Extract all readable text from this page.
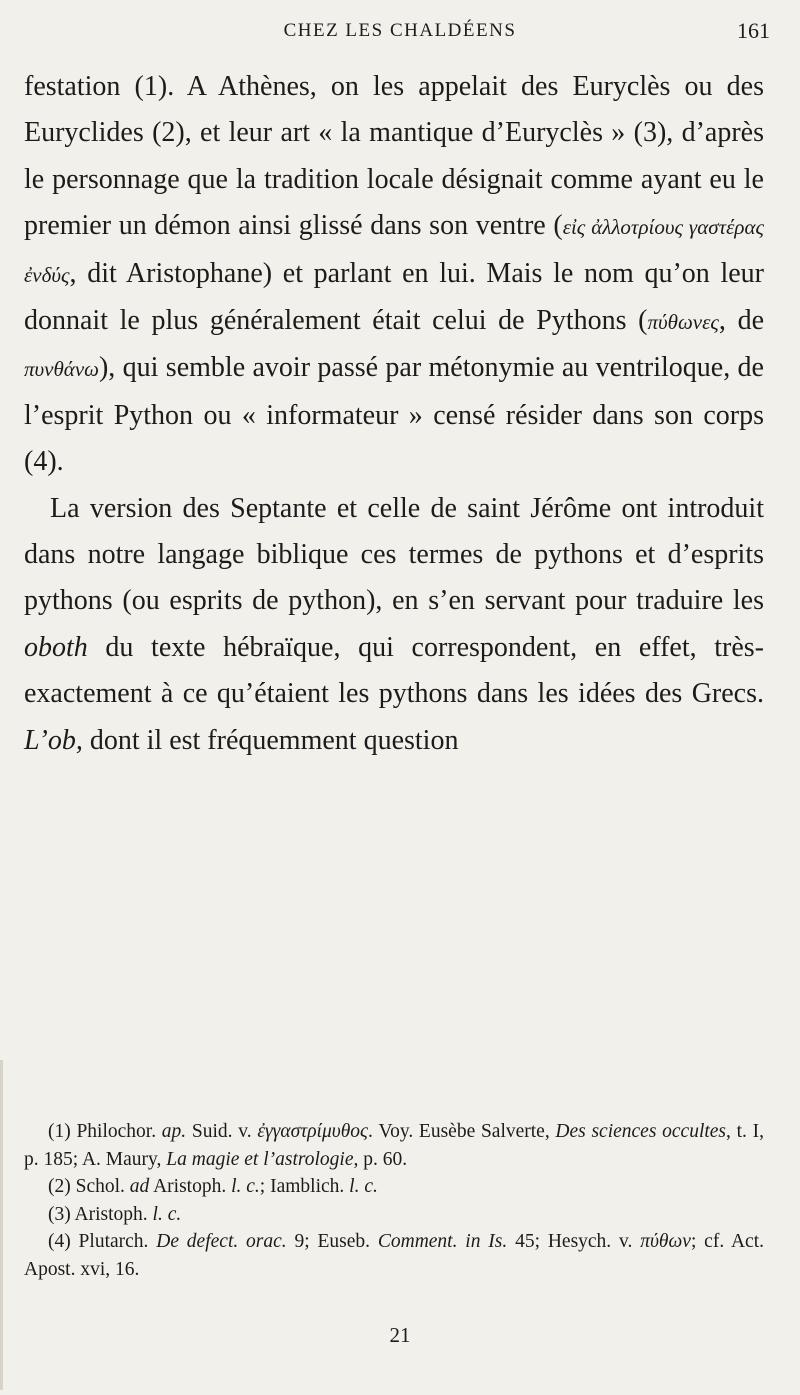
CHEZ LES CHALDÉENS	161

festation (1). A Athènes, on les appelait des Euryclès ou des Euryclides (2), et leur art « la mantique d’Euryclès » (3), d’après le personnage que la tradition locale désignait comme ayant eu le premier un démon ainsi glissé dans son ventre (εἰς ἀλλοτρίους γαστέρας ἐνδύς, dit Aristophane) et parlant en lui. Mais le nom qu’on leur donnait le plus généralement était celui de Pythons (πύθωνες, de πυνθάνω), qui semble avoir passé par métonymie au ventriloque, de l’esprit Python ou « informateur » censé résider dans son corps (4).

La version des Septante et celle de saint Jérôme ont introduit dans notre langage biblique ces termes de pythons et d’esprits pythons (ou esprits de python), en s’en servant pour traduire les oboth du texte hébraïque, qui correspondent, en effet, très-exactement à ce qu’étaient les pythons dans les idées des Grecs. L’ob, dont il est fréquemment question

(1) Philochor. ap. Suid. v. ἐγγαστρίμυθος. Voy. Eusèbe Salverte, Des sciences occultes, t. I, p. 185; A. Maury, La magie et l’astrologie, p. 60.

(2) Schol. ad Aristoph. l. c.; Iamblich. l. c.

(3) Aristoph. l. c.

(4) Plutarch. De defect. orac. 9; Euseb. Comment. in Is. 45; Hesych. v. πύθων; cf. Act. Apost. xvi, 16.

21
